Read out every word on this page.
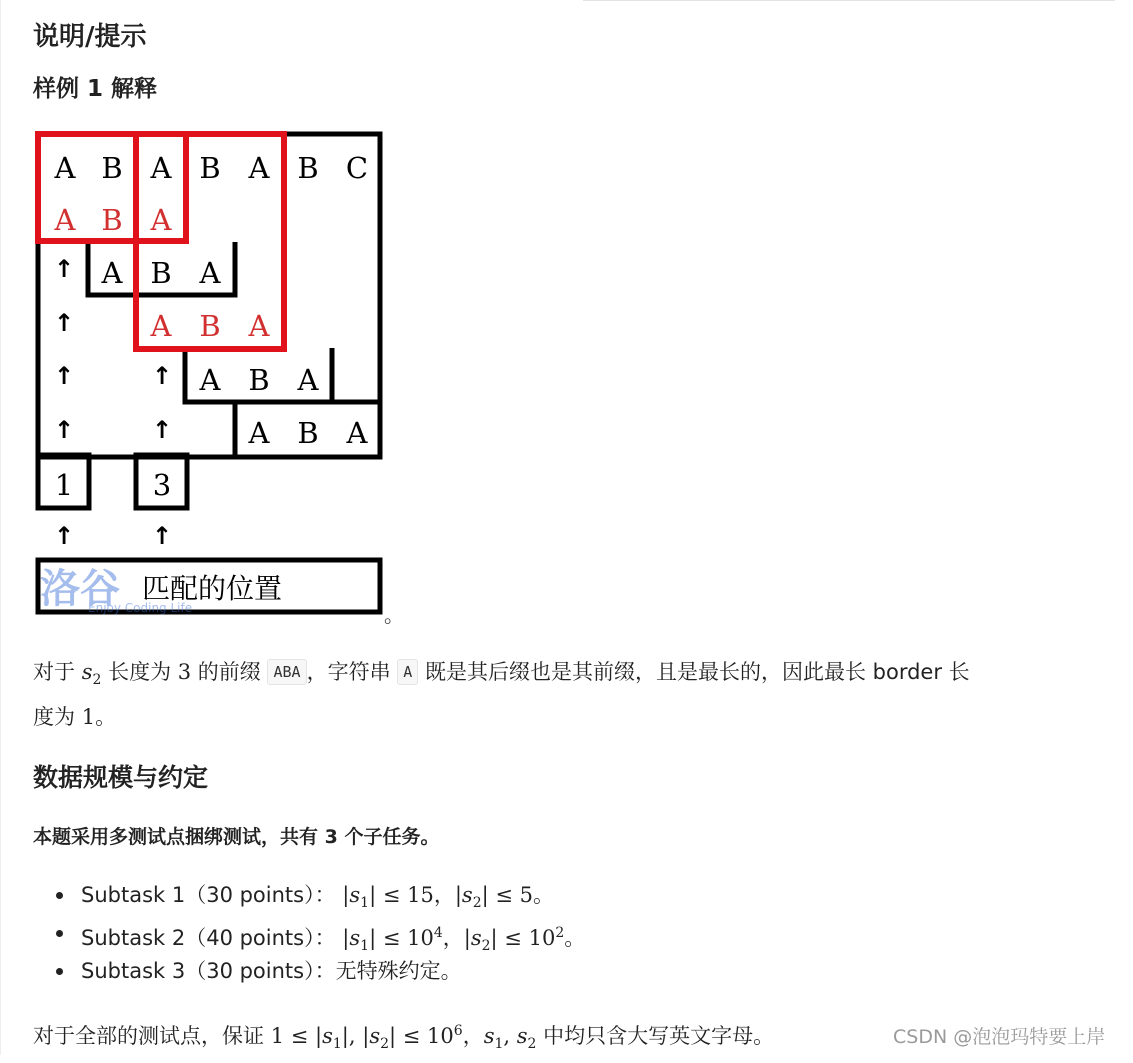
说明/提示
样例 1 解释
A B A B A B C
A B A
A B A
A B A
A B A
A B A
1	3
↑
↑
↑	↑
↑	↑
↑	↑
洛谷
Enjoy Coding Life
匹配的位置
。
对于 $s_2$ 长度为 3 的前缀 ABA ，字符串 A 既是其后缀也是其前缀，且是最长的，因此最长 border 长
度为 1。
数据规模与约定
本题采用多测试点捆绑测试，共有 3 个子任务。
Subtask 1（30 points）： $|s_1| \le 15$，$|s_2| \le 5$。
Subtask 2（40 points）： $|s_1| \le 10^4$，$|s_2| \le 10^2$。
Subtask 3（30 points）：无特殊约定。
对于全部的测试点，保证 $1 \le |s_1|$, $|s_2| \le 10^6$，$s_1$, $s_2$ 中均只含大写英文字母。	CSDN @泡泡玛特要上岸
